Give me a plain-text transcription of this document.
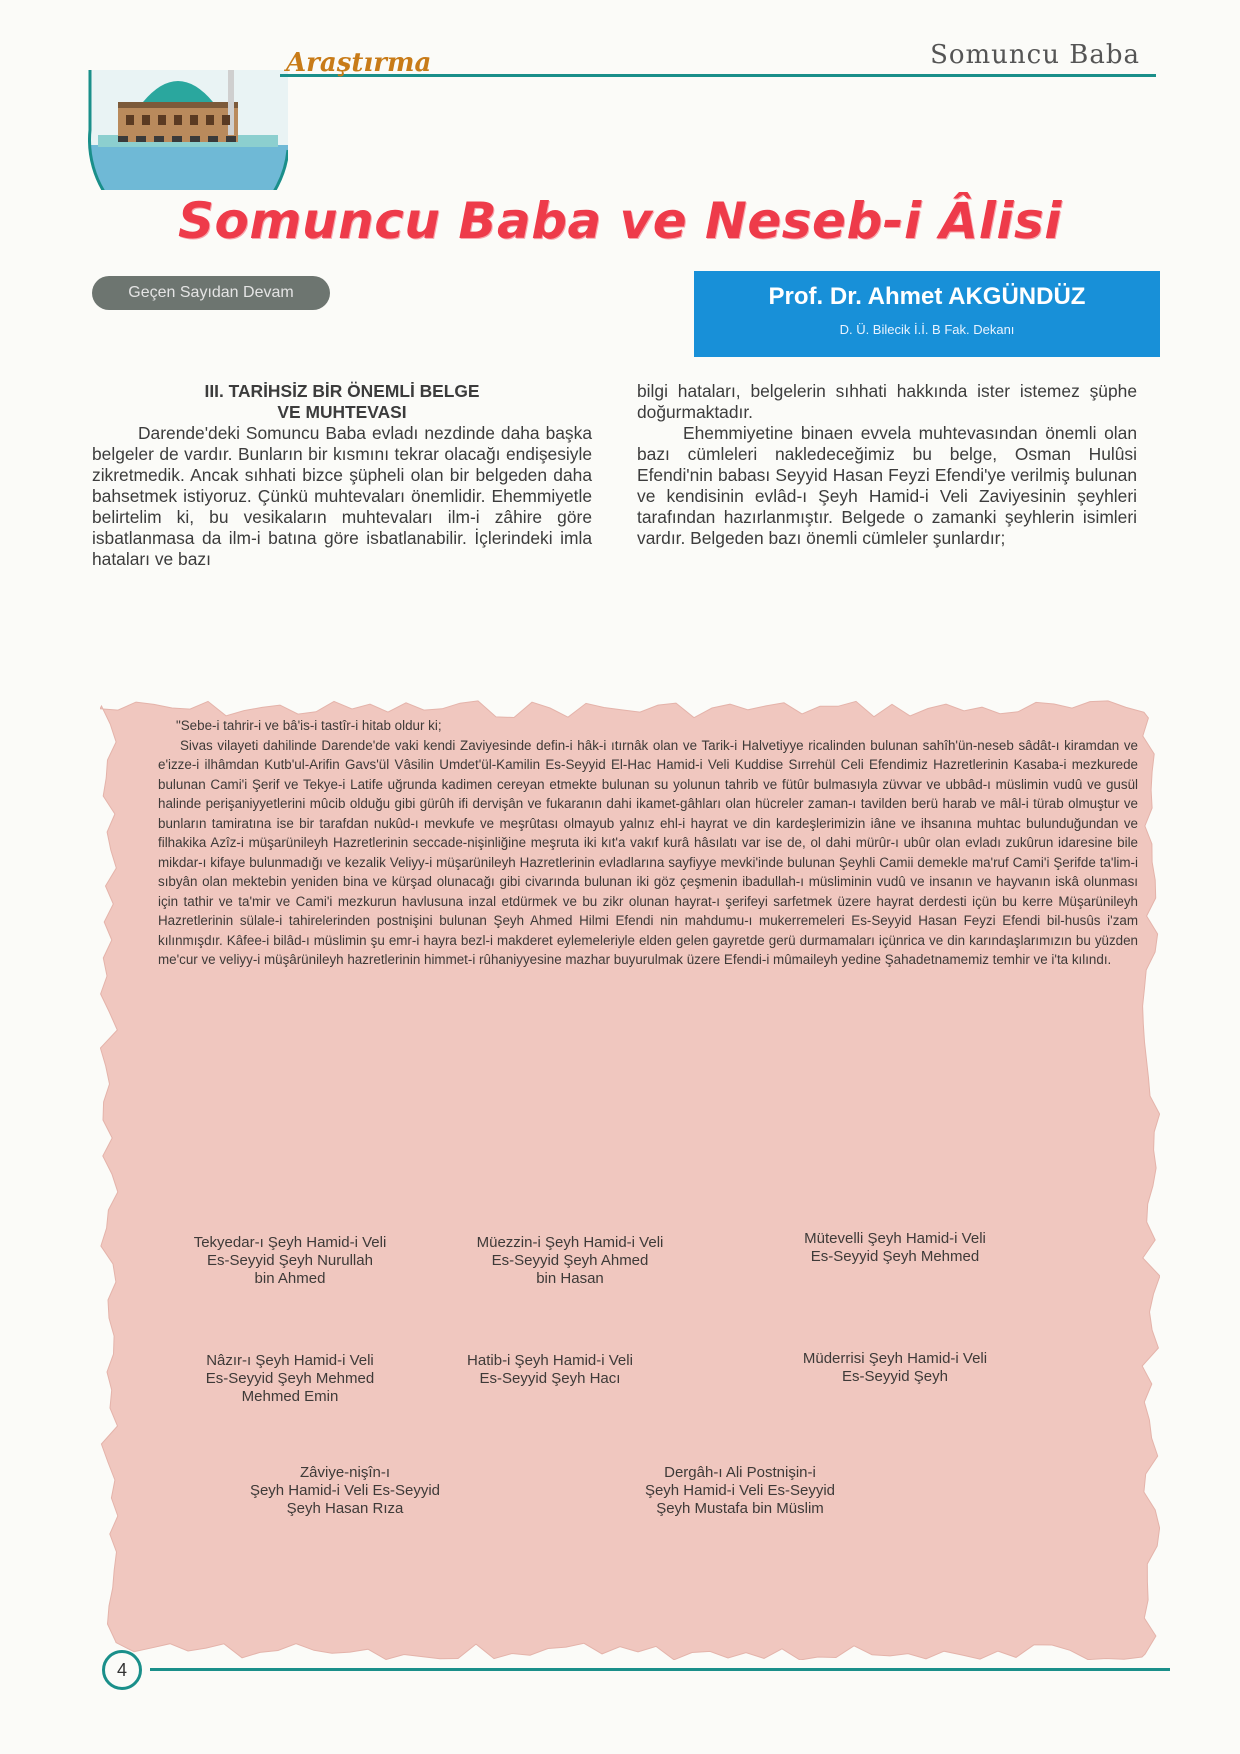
Araştırma	Somuncu Baba
Somuncu Baba ve Neseb-i Âlisi
Geçen Sayıdan Devam	Prof. Dr. Ahmet AKGÜNDÜZ
D. Ü. Bilecik İ.İ. B Fak. Dekanı
III. TARİHSİZ BİR ÖNEMLİ BELGE
VE MUHTEVASI

Darende'deki Somuncu Baba evladı nezdinde daha başka belgeler de vardır. Bunların bir kısmını tekrar olacağı endişesiyle zikretmedik. Ancak sıhhati bizce şüpheli olan bir belgeden daha bahsetmek istiyoruz. Çünkü muhtevaları önemlidir. Ehemmiyetle belirtelim ki, bu vesikaların muhtevaları ilm-i zâhire göre isbatlanmasa da ilm-i batına göre isbatlanabilir. İçlerindeki imla hataları ve bazı

bilgi hataları, belgelerin sıhhati hakkında ister istemez şüphe doğurmaktadır.

Ehemmiyetine binaen evvela muhtevasından önemli olan bazı cümleleri nakledeceğimiz bu belge, Osman Hulûsi Efendi'nin babası Seyyid Hasan Feyzi Efendi'ye verilmiş bulunan ve kendisinin evlâd-ı Şeyh Hamid-i Veli Zaviyesinin şeyhleri tarafından hazırlanmıştır. Belgede o zamanki şeyhlerin isimleri vardır. Belgeden bazı önemli cümleler şunlardır;

"Sebe-i tahrir-i ve bâ'is-i tastîr-i hitab oldur ki;

Sivas vilayeti dahilinde Darende'de vaki kendi Zaviyesinde defin-i hâk-i ıtırnâk olan ve Tarik-i Halvetiyye ricalinden bulunan sahîh'ün-neseb sâdât-ı kiramdan ve e'izze-i ilhâmdan Kutb'ul-Arifin Gavs'ül Vâsilin Umdet'ül-Kamilin Es-Seyyid El-Hac Hamid-i Veli Kuddise Sırrehül Celi Efendimiz Hazretlerinin Kasaba-i mezkurede bulunan Cami'i Şerif ve Tekye-i Latife uğrunda kadimen cereyan etmekte bulunan su yolunun tahrib ve fütûr bulmasıyla züvvar ve ubbâd-ı müslimin vudû ve gusül halinde perişaniyyetlerini mûcib olduğu gibi gürûh ifi dervişân ve fukaranın dahi ikamet-gâhları olan hücreler zaman-ı tavilden berü harab ve mâl-i türab olmuştur ve bunların tamiratına ise bir tarafdan nukûd-ı mevkufe ve meşrûtası olmayub yalnız ehl-i hayrat ve din kardeşlerimizin iâne ve ihsanına muhtac bulunduğundan ve filhakika Azîz-i müşarünileyh Hazretlerinin seccade-nişinliğine meşruta iki kıt'a vakıf kurâ hâsılatı var ise de, ol dahi mürûr-ı ubûr olan evladı zukûrun idaresine bile mikdar-ı kifaye bulunmadığı ve kezalik Veliyy-i müşarünileyh Hazretlerinin evladlarına sayfiyye mevki'inde bulunan Şeyhli Camii demekle ma'ruf Cami'i Şerifde ta'lim-i sıbyân olan mektebin yeniden bina ve kürşad olunacağı gibi civarında bulunan iki göz çeşmenin ibadullah-ı müsliminin vudû ve insanın ve hayvanın iskâ olunması için tathir ve ta'mir ve Cami'i mezkurun havlusuna inzal etdürmek ve bu zikr olunan hayrat-ı şerifeyi sarfetmek üzere hayrat derdesti içün bu kerre Müşarünileyh Hazretlerinin sülale-i tahirelerinden postnişini bulunan Şeyh Ahmed Hilmi Efendi nin mahdumu-ı mukerremeleri Es-Seyyid Hasan Feyzi Efendi bil-husûs i'zam kılınmışdır. Kâfee-i bilâd-ı müslimin şu emr-i hayra bezl-i makderet eylemeleriyle elden gelen gayretde gerü durmamaları içünrica ve din karındaşlarımızın bu yüzden me'cur ve veliyy-i müşârünileyh hazretlerinin himmet-i rûhaniyyesine mazhar buyurulmak üzere Efendi-i mûmaileyh yedine Şahadetnamemiz temhir ve i'ta kılındı.

Tekyedar-ı Şeyh Hamid-i Veli
Es-Seyyid Şeyh Nurullah
bin Ahmed
Müezzin-i Şeyh Hamid-i Veli
Es-Seyyid Şeyh Ahmed
bin Hasan
Mütevelli Şeyh Hamid-i Veli
Es-Seyyid Şeyh Mehmed
Nâzır-ı Şeyh Hamid-i Veli
Es-Seyyid Şeyh Mehmed
Mehmed Emin
Hatib-i Şeyh Hamid-i Veli
Es-Seyyid Şeyh Hacı
Müderrisi Şeyh Hamid-i Veli
Es-Seyyid Şeyh
Zâviye-nişîn-ı
Şeyh Hamid-i Veli Es-Seyyid
Şeyh Hasan Rıza
Dergâh-ı Ali Postnişin-i
Şeyh Hamid-i Veli Es-Seyyid
Şeyh Mustafa bin Müslim
4
